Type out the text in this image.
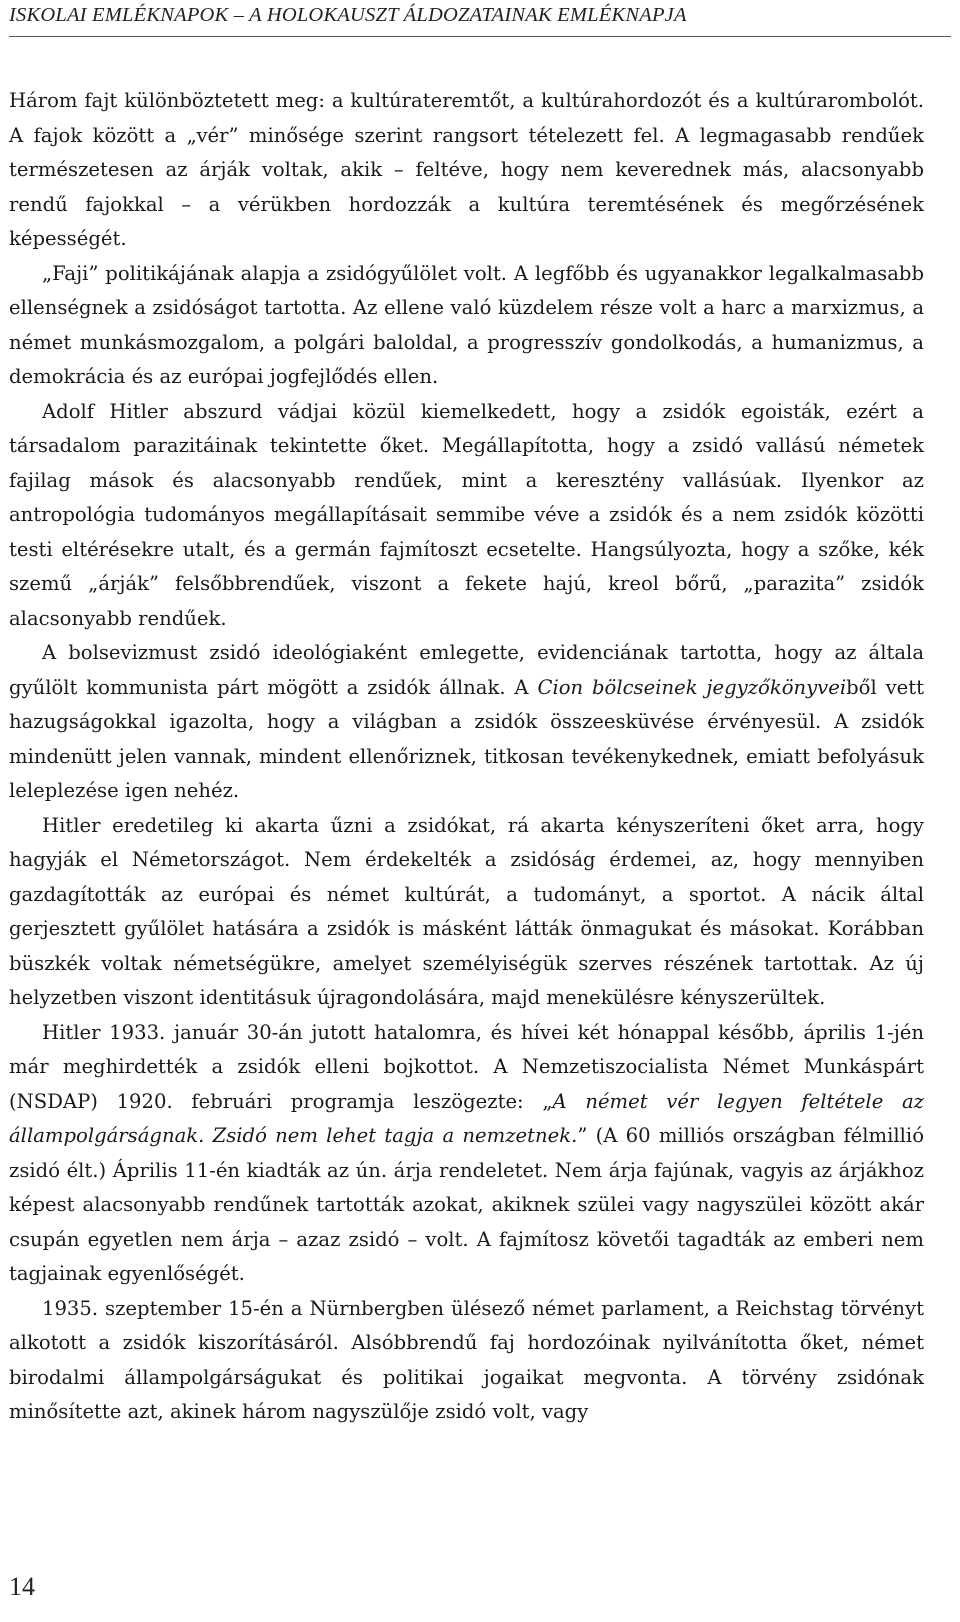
ISKOLAI EMLÉKNAPOK – A HOLOKAUSZT ÁLDOZATAINAK EMLÉKNAPJA

Három fajt különböztetett meg: a kultúrateremtőt, a kultúrahordozót és a kultúrarombolót. A fajok között a „vér” minősége szerint rangsort tételezett fel. A legmagasabb rendűek természetesen az árják voltak, akik – feltéve, hogy nem keverednek más, alacsonyabb rendű fajokkal – a vérükben hordozzák a kultúra teremtésének és megőrzésének képességét.

„Faji” politikájának alapja a zsidógyűlölet volt. A legfőbb és ugyanakkor legalkalmasabb ellenségnek a zsidóságot tartotta. Az ellene való küzdelem része volt a harc a marxizmus, a német munkásmozgalom, a polgári baloldal, a progresszív gondolkodás, a humanizmus, a demokrácia és az európai jogfejlődés ellen.

Adolf Hitler abszurd vádjai közül kiemelkedett, hogy a zsidók egoisták, ezért a társadalom parazitáinak tekintette őket. Megállapította, hogy a zsidó vallású németek fajilag mások és alacsonyabb rendűek, mint a keresztény vallásúak. Ilyenkor az antropológia tudományos megállapításait semmibe véve a zsidók és a nem zsidók közötti testi eltérésekre utalt, és a germán fajmítoszt ecsetelte. Hangsúlyozta, hogy a szőke, kék szemű „árják” felsőbbrendűek, viszont a fekete hajú, kreol bőrű, „parazita” zsidók alacsonyabb rendűek.

A bolsevizmust zsidó ideológiaként emlegette, evidenciának tartotta, hogy az általa gyűlölt kommunista párt mögött a zsidók állnak. A Cion bölcseinek jegyzőkönyveiből vett hazugságokkal igazolta, hogy a világban a zsidók összeesküvése érvényesül. A zsidók mindenütt jelen vannak, mindent ellenőriznek, titkosan tevékenykednek, emiatt befolyásuk leleplezése igen nehéz.

Hitler eredetileg ki akarta űzni a zsidókat, rá akarta kényszeríteni őket arra, hogy hagyják el Németországot. Nem érdekelték a zsidóság érdemei, az, hogy mennyiben gazdagították az európai és német kultúrát, a tudományt, a sportot. A nácik által gerjesztett gyűlölet hatására a zsidók is másként látták önmagukat és másokat. Korábban büszkék voltak németségükre, amelyet személyiségük szerves részének tartottak. Az új helyzetben viszont identitásuk újragondolására, majd menekülésre kényszerültek.

Hitler 1933. január 30-án jutott hatalomra, és hívei két hónappal később, április 1-jén már meghirdették a zsidók elleni bojkottot. A Nemzetiszocialista Német Munkáspárt (NSDAP) 1920. februári programja leszögezte: „A német vér legyen feltétele az állampolgárságnak. Zsidó nem lehet tagja a nemzetnek.” (A 60 milliós országban félmillió zsidó élt.) Április 11-én kiadták az ún. árja rendeletet. Nem árja fajúnak, vagyis az árjákhoz képest alacsonyabb rendűnek tartották azokat, akiknek szülei vagy nagyszülei között akár csupán egyetlen nem árja – azaz zsidó – volt. A fajmítosz követői tagadták az emberi nem tagjainak egyenlőségét.

1935. szeptember 15-én a Nürnbergben ülésező német parlament, a Reichstag törvényt alkotott a zsidók kiszorításáról. Alsóbbrendű faj hordozóinak nyilvánította őket, német birodalmi állampolgárságukat és politikai jogaikat megvonta. A törvény zsidónak minősítette azt, akinek három nagyszülője zsidó volt, vagy

14
